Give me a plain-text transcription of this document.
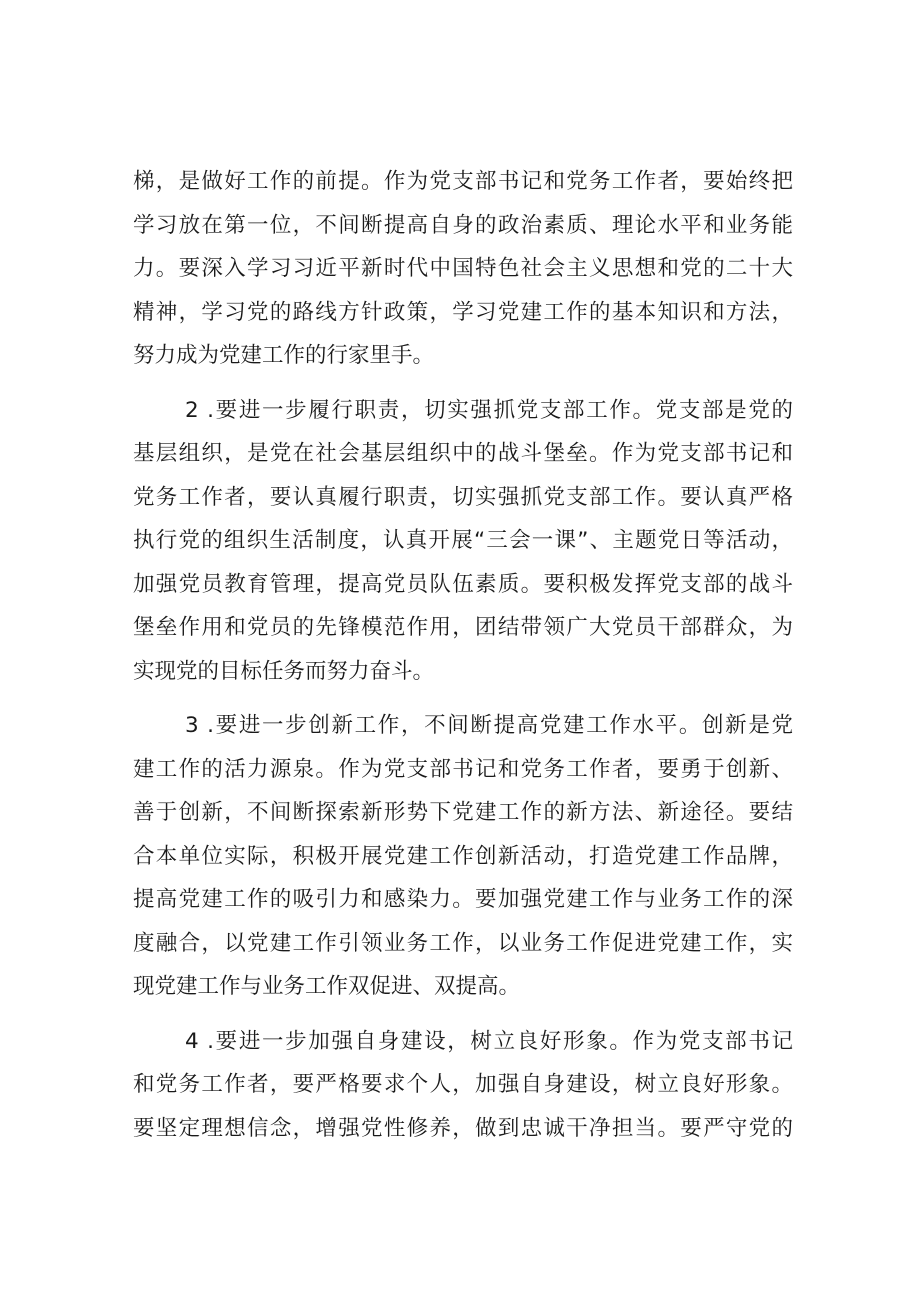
梯，是做好工作的前提。作为党支部书记和党务工作者，要始终把
学习放在第一位，不间断提高自身的政治素质、理论水平和业务能
力。要深入学习习近平新时代中国特色社会主义思想和党的二十大
精神，学习党的路线方针政策，学习党建工作的基本知识和方法，
努力成为党建工作的行家里手。
2 .要进一步履行职责，切实强抓党支部工作。党支部是党的
基层组织，是党在社会基层组织中的战斗堡垒。作为党支部书记和
党务工作者，要认真履行职责，切实强抓党支部工作。要认真严格
执行党的组织生活制度，认真开展“三会一课”、主题党日等活动，
加强党员教育管理，提高党员队伍素质。要积极发挥党支部的战斗
堡垒作用和党员的先锋模范作用，团结带领广大党员干部群众，为
实现党的目标任务而努力奋斗。
3 .要进一步创新工作，不间断提高党建工作水平。创新是党
建工作的活力源泉。作为党支部书记和党务工作者，要勇于创新、
善于创新，不间断探索新形势下党建工作的新方法、新途径。要结
合本单位实际，积极开展党建工作创新活动，打造党建工作品牌，
提高党建工作的吸引力和感染力。要加强党建工作与业务工作的深
度融合，以党建工作引领业务工作，以业务工作促进党建工作，实
现党建工作与业务工作双促进、双提高。
4 .要进一步加强自身建设，树立良好形象。作为党支部书记
和党务工作者，要严格要求个人，加强自身建设，树立良好形象。
要坚定理想信念，增强党性修养，做到忠诚干净担当。要严守党的
